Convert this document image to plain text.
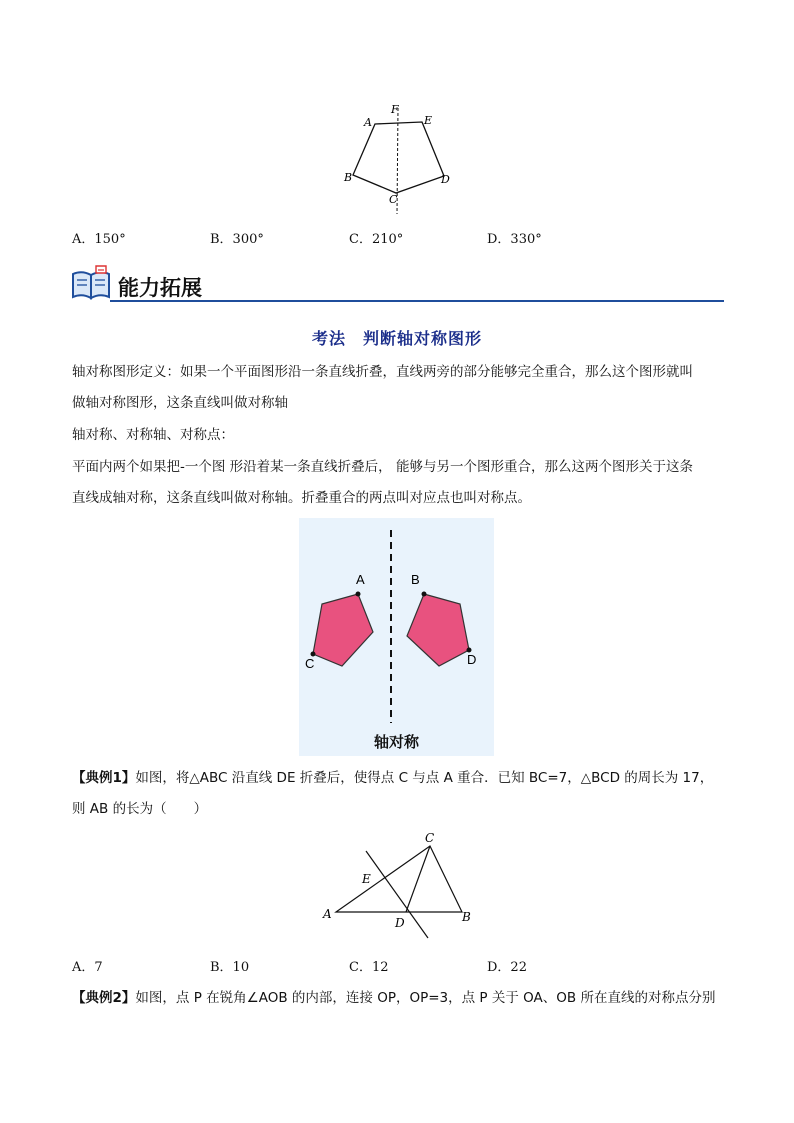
A
B
C
D
E
F
A．150°	B．300°	C．210°	D．330°
能力拓展
考法　判断轴对称图形
轴对称图形定义：如果一个平面图形沿一条直线折叠，直线两旁的部分能够完全重合，那么这个图形就叫
做轴对称图形，这条直线叫做对称轴
轴对称、对称轴、对称点：
平面内两个如果把-一个图 形沿着某一条直线折叠后， 能够与另一个图形重合，那么这两个图形关于这条
直线成轴对称，这条直线叫做对称轴。折叠重合的两点叫对应点也叫对称点。
A	B
C	D
轴对称
【典例1】如图，将△ABC 沿直线 DE 折叠后，使得点 C 与点 A 重合．已知 BC=7，△BCD 的周长为 17，
则 AB 的长为（　　）
C
E
A
D	B
A．7	B．10	C．12	D．22
【典例2】如图，点 P 在锐角∠AOB 的内部，连接 OP，OP=3，点 P 关于 OA、OB 所在直线的对称点分别
